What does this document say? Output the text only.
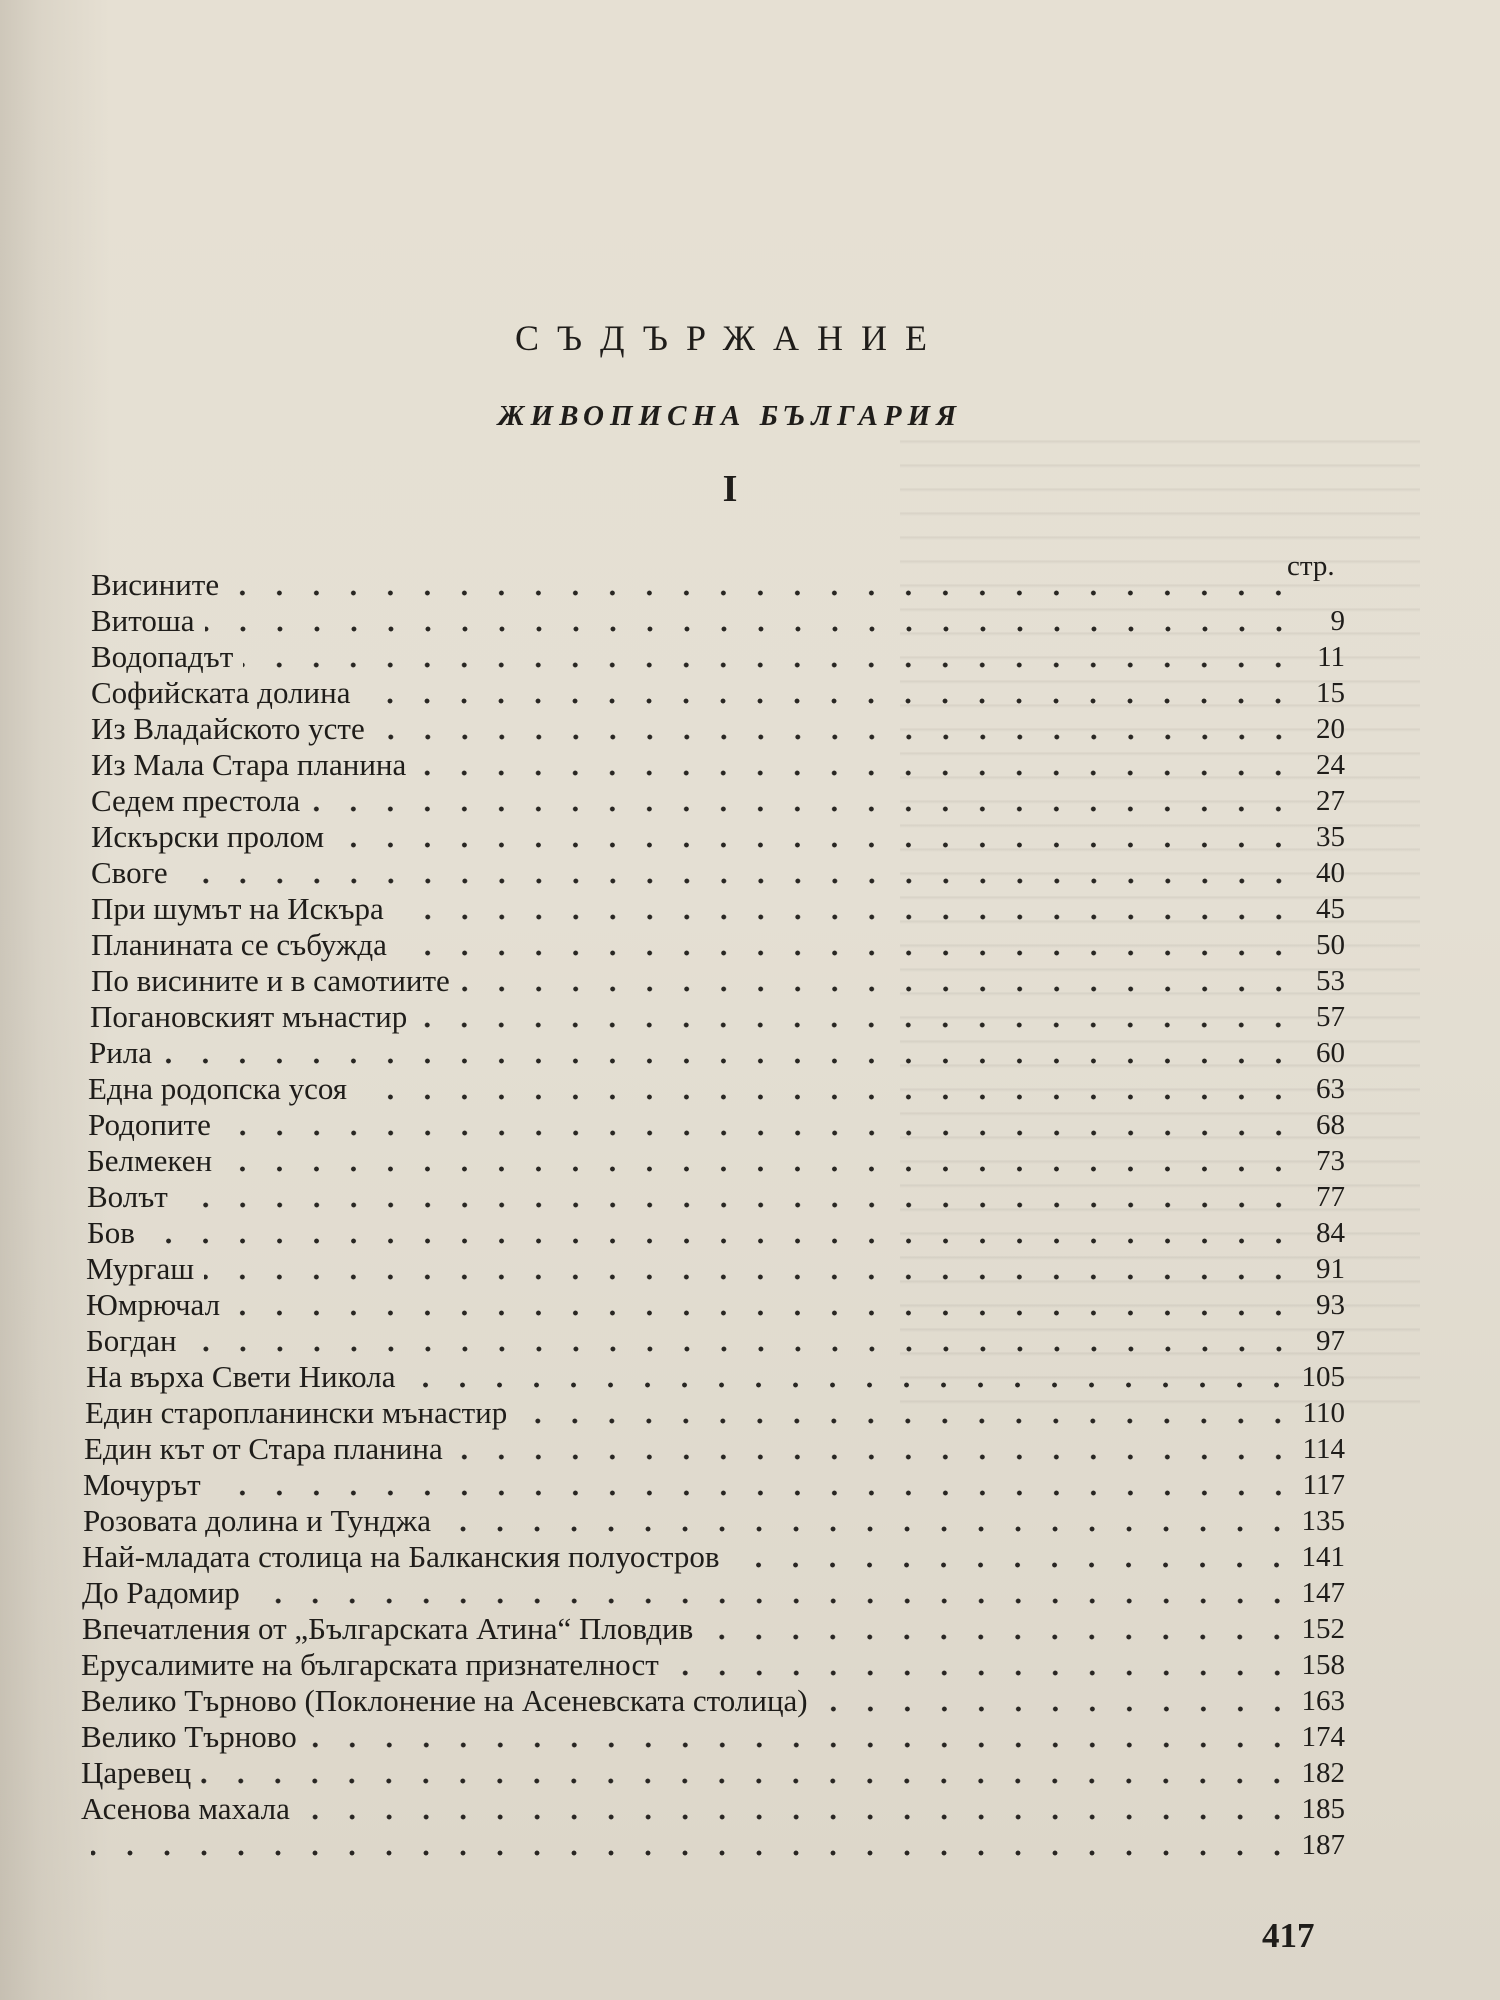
СЪДЪРЖАНИЕ
ЖИВОПИСНА БЪЛГАРИЯ
I
стр.
Висините
Витоша	9
Водопадът	11
Софийската долина	15
Из Владайското усте	20
Из Мала Стара планина	24
Седем престола	27
Искърски пролом	35
Своге	40
При шумът на Искъра	45
Планината се събужда	50
По висините и в самотиите	53
Погановският мънастир	57
Рила	60
Една родопска усоя	63
Родопите	68
Белмекен	73
Волът	77
Бов	84
Мургаш	91
Юмрючал	93
Богдан	97
На върха Свети Никола	105
Един старопланински мънастир	110
Един кът от Стара планина	114
Мочурът	117
Розовата долина и Тунджа	135
Най-младата столица на Балканския полуостров	141
До Радомир	147
Впечатления от „Българската Атина“ Пловдив	152
Ерусалимите на българската признателност	158
Велико Търново (Поклонение на Асеневската столица)	163
Велико Търново	174
Царевец	182
Асенова махала	185
187
417
